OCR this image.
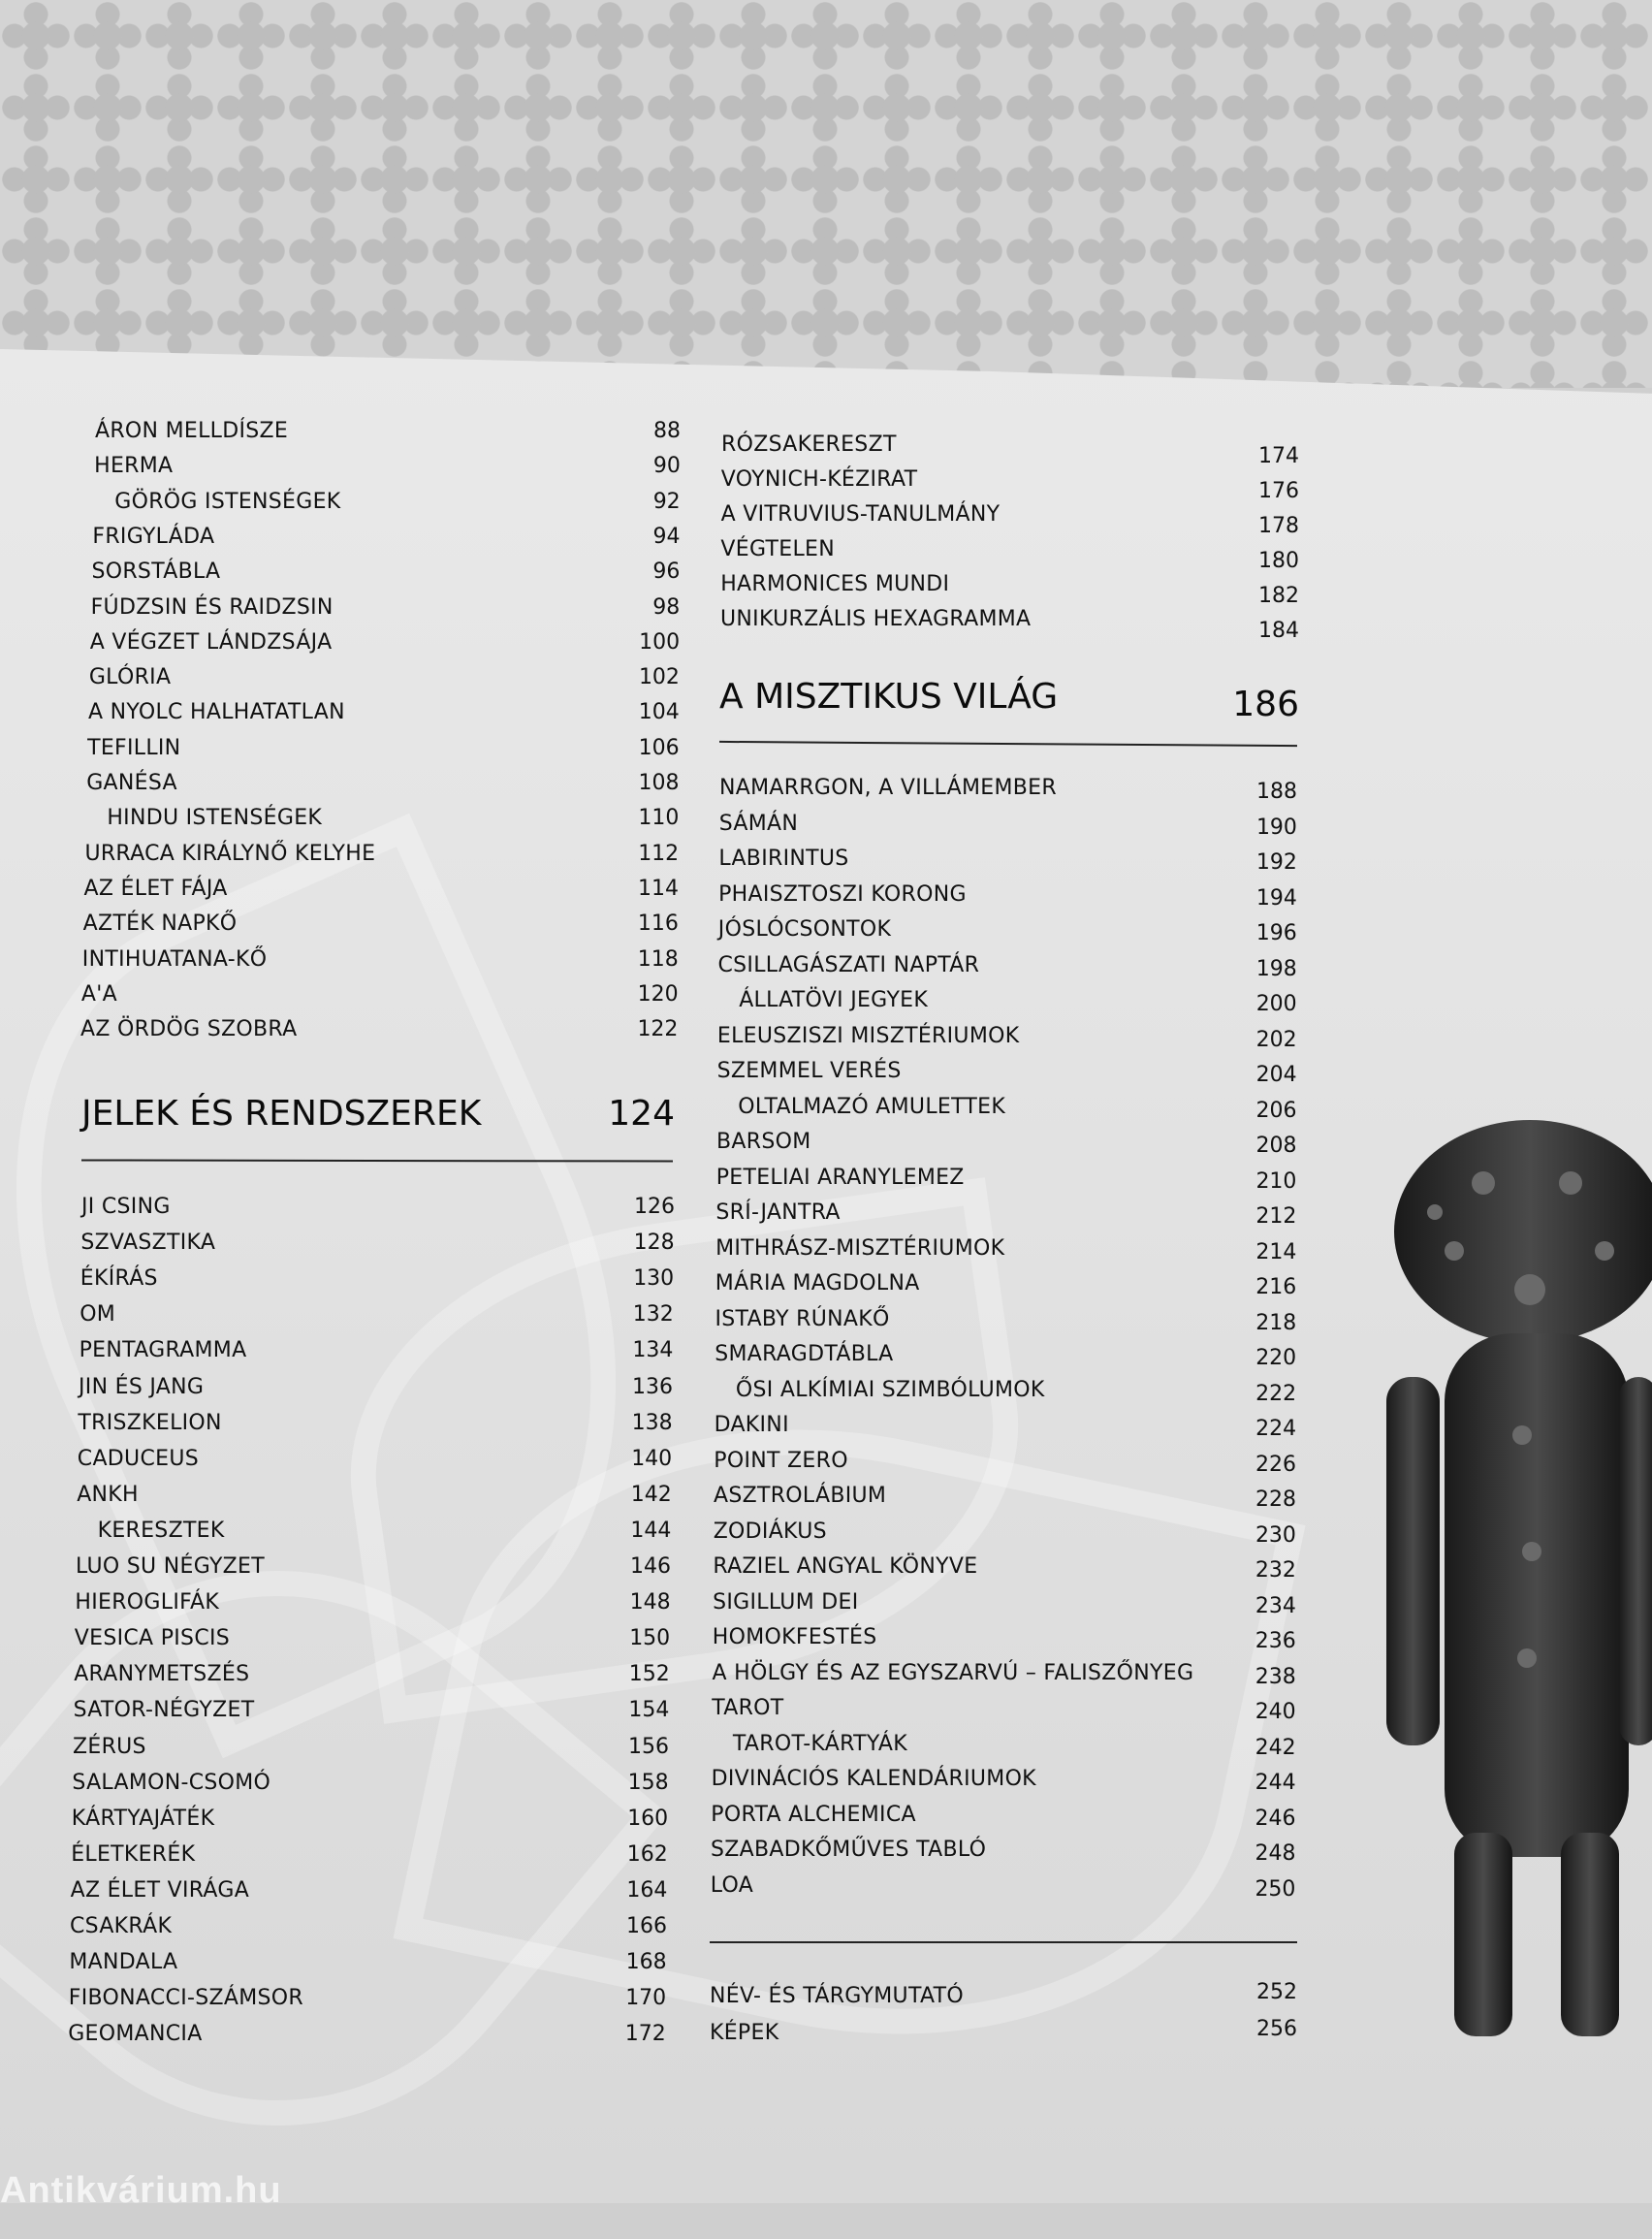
JELEK ÉS RENDSZEREK	124
A MISZTIKUS VILÁG	186
ÁRON MELLDÍSZE	88
HERMA	90
GÖRÖG ISTENSÉGEK	92
FRIGYLÁDA	94
SORSTÁBLA	96
FÚDZSIN ÉS RAIDZSIN	98
A VÉGZET LÁNDZSÁJA	100
GLÓRIA	102
A NYOLC HALHATATLAN	104
TEFILLIN	106
GANÉSA	108
HINDU ISTENSÉGEK	110
URRACA KIRÁLYNŐ KELYHE	112
AZ ÉLET FÁJA	114
AZTÉK NAPKŐ	116
INTIHUATANA-KŐ	118
A'A	120
AZ ÖRDÖG SZOBRA	122
JI CSING	126
SZVASZTIKA	128
ÉKÍRÁS	130
OM	132
PENTAGRAMMA	134
JIN ÉS JANG	136
TRISZKELION	138
CADUCEUS	140
ANKH	142
KERESZTEK	144
LUO SU NÉGYZET	146
HIEROGLIFÁK	148
VESICA PISCIS	150
ARANYMETSZÉS	152
SATOR-NÉGYZET	154
ZÉRUS	156
SALAMON-CSOMÓ	158
KÁRTYAJÁTÉK	160
ÉLETKERÉK	162
AZ ÉLET VIRÁGA	164
CSAKRÁK	166
MANDALA	168
FIBONACCI-SZÁMSOR	170
GEOMANCIA	172
RÓZSAKERESZT	174
VOYNICH-KÉZIRAT	176
A VITRUVIUS-TANULMÁNY	178
VÉGTELEN	180
HARMONICES MUNDI	182
UNIKURZÁLIS HEXAGRAMMA	184
NAMARRGON, A VILLÁMEMBER	188
SÁMÁN	190
LABIRINTUS	192
PHAISZTOSZI KORONG	194
JÓSLÓCSONTOK	196
CSILLAGÁSZATI NAPTÁR	198
ÁLLATÖVI JEGYEK	200
ELEUSZISZI MISZTÉRIUMOK	202
SZEMMEL VERÉS	204
OLTALMAZÓ AMULETTEK	206
BARSOM	208
PETELIAI ARANYLEMEZ	210
SRÍ-JANTRA	212
MITHRÁSZ-MISZTÉRIUMOK	214
MÁRIA MAGDOLNA	216
ISTABY RÚNAKŐ	218
SMARAGDTÁBLA	220
ŐSI ALKÍMIAI SZIMBÓLUMOK	222
DAKINI	224
POINT ZERO	226
ASZTROLÁBIUM	228
ZODIÁKUS	230
RAZIEL ANGYAL KÖNYVE	232
SIGILLUM DEI	234
HOMOKFESTÉS	236
A HÖLGY ÉS AZ EGYSZARVÚ – FALISZŐNYEG	238
TAROT	240
TAROT-KÁRTYÁK	242
DIVINÁCIÓS KALENDÁRIUMOK	244
PORTA ALCHEMICA	246
SZABADKŐMŰVES TABLÓ	248
LOA	250
NÉV- ÉS TÁRGYMUTATÓ	252
KÉPEK	256
Antikvárium.hu
